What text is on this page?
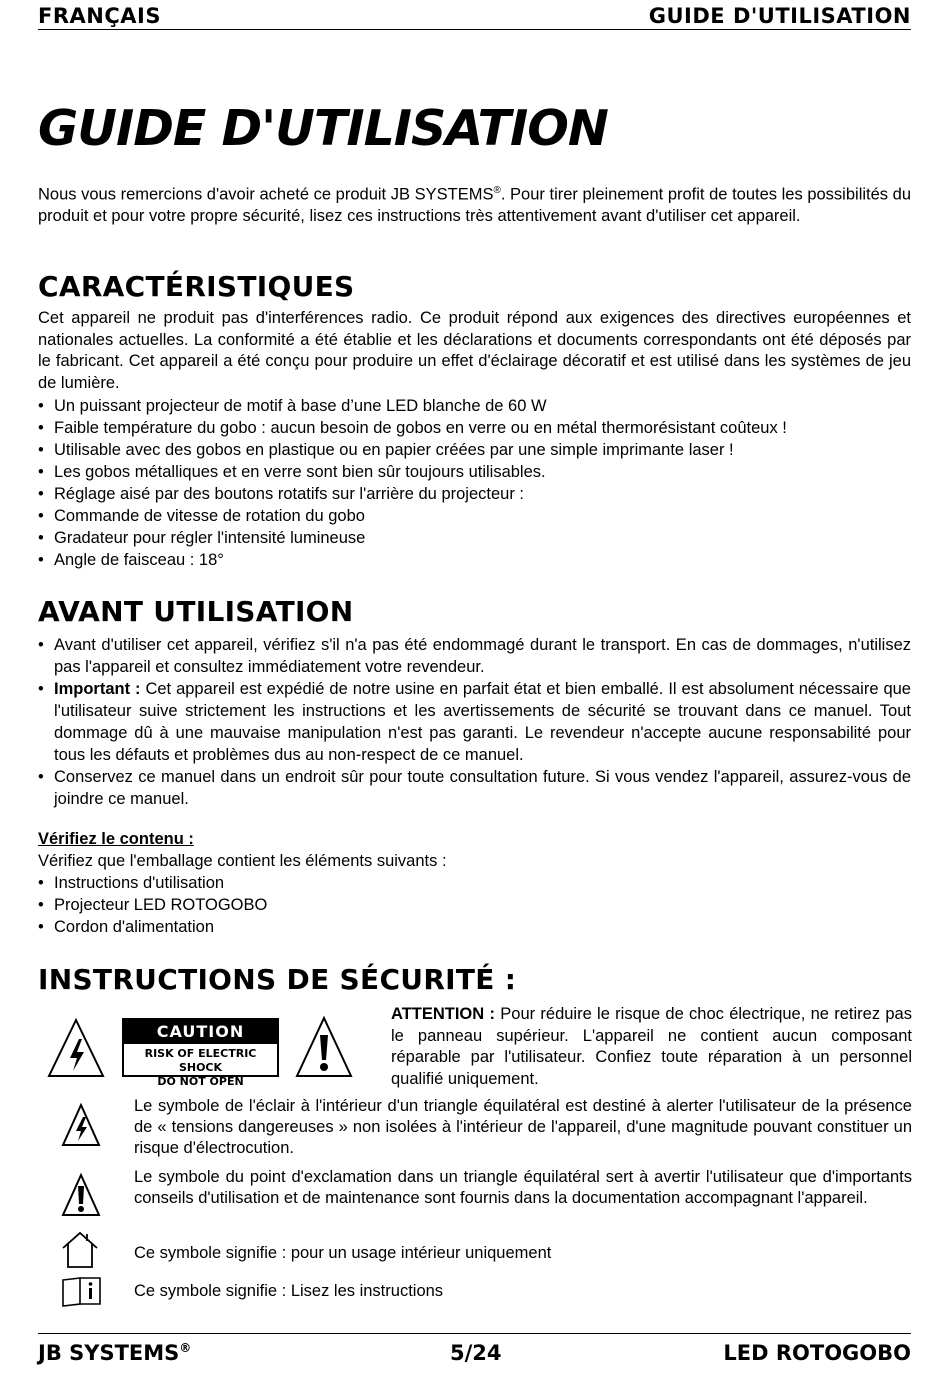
FRANÇAIS	GUIDE D'UTILISATION
GUIDE D'UTILISATION

Nous vous remercions d'avoir acheté ce produit JB SYSTEMS®. Pour tirer pleinement profit de toutes les possibilités du produit et pour votre propre sécurité, lisez ces instructions très attentivement avant d'utiliser cet appareil.

CARACTÉRISTIQUES

Cet appareil ne produit pas d'interférences radio. Ce produit répond aux exigences des directives européennes et nationales actuelles. La conformité a été établie et les déclarations et documents correspondants ont été déposés par le fabricant. Cet appareil a été conçu pour produire un effet d'éclairage décoratif et est utilisé dans les systèmes de jeu de lumière.

• Un puissant projecteur de motif à base d’une LED blanche de 60 W
• Faible température du gobo : aucun besoin de gobos en verre ou en métal thermorésistant coûteux !
• Utilisable avec des gobos en plastique ou en papier créées par une simple imprimante laser !
• Les gobos métalliques et en verre sont bien sûr toujours utilisables.
• Réglage aisé par des boutons rotatifs sur l'arrière du projecteur :
• Commande de vitesse de rotation du gobo
• Gradateur pour régler l'intensité lumineuse
• Angle de faisceau : 18°
AVANT UTILISATION
• Avant d'utiliser cet appareil, vérifiez s'il n'a pas été endommagé durant le transport. En cas de dommages, n'utilisez pas l'appareil et consultez immédiatement votre revendeur.
• Important : Cet appareil est expédié de notre usine en parfait état et bien emballé. Il est absolument nécessaire que l'utilisateur suive strictement les instructions et les avertissements de sécurité se trouvant dans ce manuel. Tout dommage dû à une mauvaise manipulation n'est pas garanti. Le revendeur n'accepte aucune responsabilité pour tous les défauts et problèmes dus au non-respect de ce manuel.
• Conservez ce manuel dans un endroit sûr pour toute consultation future. Si vous vendez l'appareil, assurez-vous de joindre ce manuel.
Vérifiez le contenu :

Vérifiez que l'emballage contient les éléments suivants :

• Instructions d'utilisation
• Projecteur LED ROTOGOBO
• Cordon d'alimentation
INSTRUCTIONS DE SÉCURITÉ :
CAUTION
RISK OF ELECTRIC SHOCK
DO NOT OPEN

ATTENTION : Pour réduire le risque de choc électrique, ne retirez pas le panneau supérieur. L'appareil ne contient aucun composant réparable par l'utilisateur. Confiez toute réparation à un personnel qualifié uniquement.

Le symbole de l'éclair à l'intérieur d'un triangle équilatéral est destiné à alerter l'utilisateur de la présence de « tensions dangereuses » non isolées à l'intérieur de l'appareil, d'une magnitude pouvant constituer un risque d'électrocution.

Le symbole du point d'exclamation dans un triangle équilatéral sert à avertir l'utilisateur que d'importants conseils d'utilisation et de maintenance sont fournis dans la documentation accompagnant l'appareil.

Ce symbole signifie : pour un usage intérieur uniquement

Ce symbole signifie : Lisez les instructions

JB SYSTEMS®	5/24	LED ROTOGOBO
